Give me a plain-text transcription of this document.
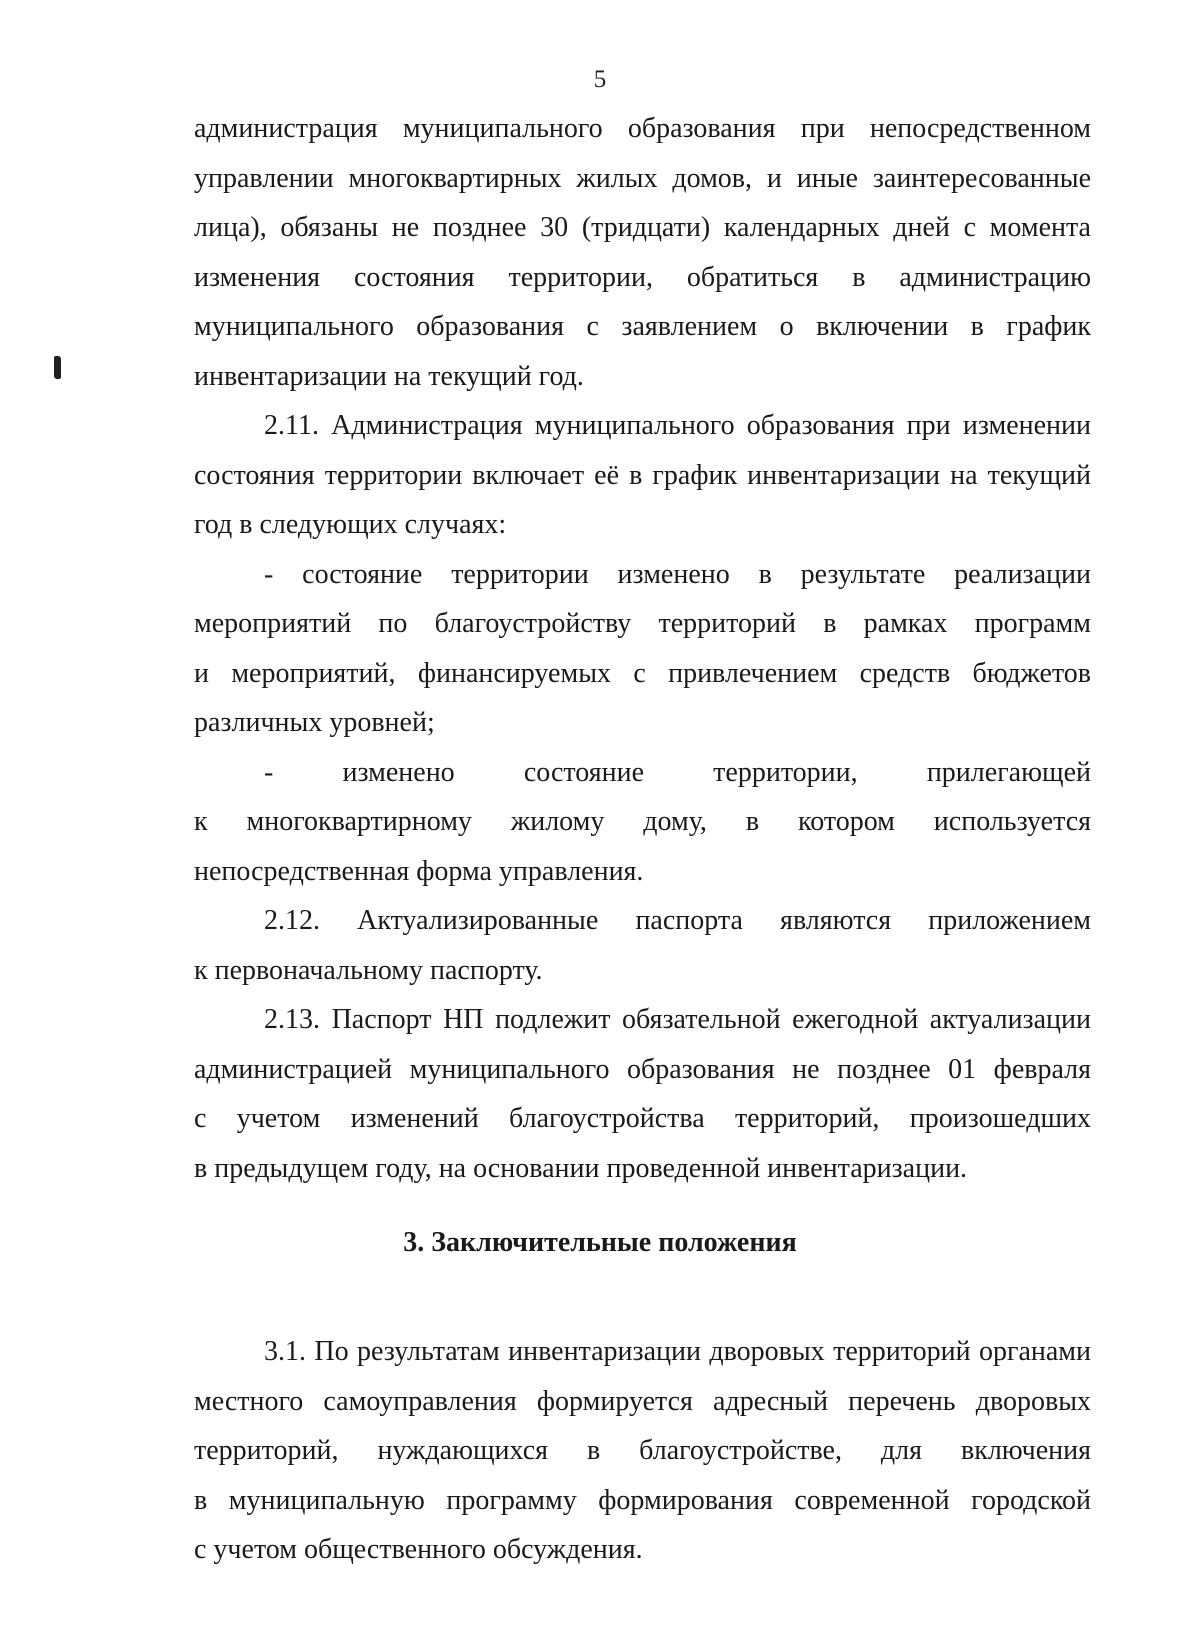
5
администрация муниципального образования при непосредственном
управлении многоквартирных жилых домов, и иные заинтересованные
лица), обязаны не позднее 30 (тридцати) календарных дней с момента
изменения состояния территории, обратиться в администрацию
муниципального образования с заявлением о включении в график
инвентаризации на текущий год.
2.11. Администрация муниципального образования при изменении
состояния территории включает её в график инвентаризации на текущий
год в следующих случаях:
- состояние территории изменено в результате реализации
мероприятий по благоустройству территорий в рамках программ
и мероприятий, финансируемых с привлечением средств бюджетов
различных уровней;
- изменено состояние территории, прилегающей
к многоквартирному жилому дому, в котором используется
непосредственная форма управления.
2.12. Актуализированные паспорта являются приложением
к первоначальному паспорту.
2.13. Паспорт НП подлежит обязательной ежегодной актуализации
администрацией муниципального образования не позднее 01 февраля
с учетом изменений благоустройства территорий, произошедших
в предыдущем году, на основании проведенной инвентаризации.
3. Заключительные положения
3.1. По результатам инвентаризации дворовых территорий органами
местного самоуправления формируется адресный перечень дворовых
территорий, нуждающихся в благоустройстве, для включения
в муниципальную программу формирования современной городской
с учетом общественного обсуждения.
